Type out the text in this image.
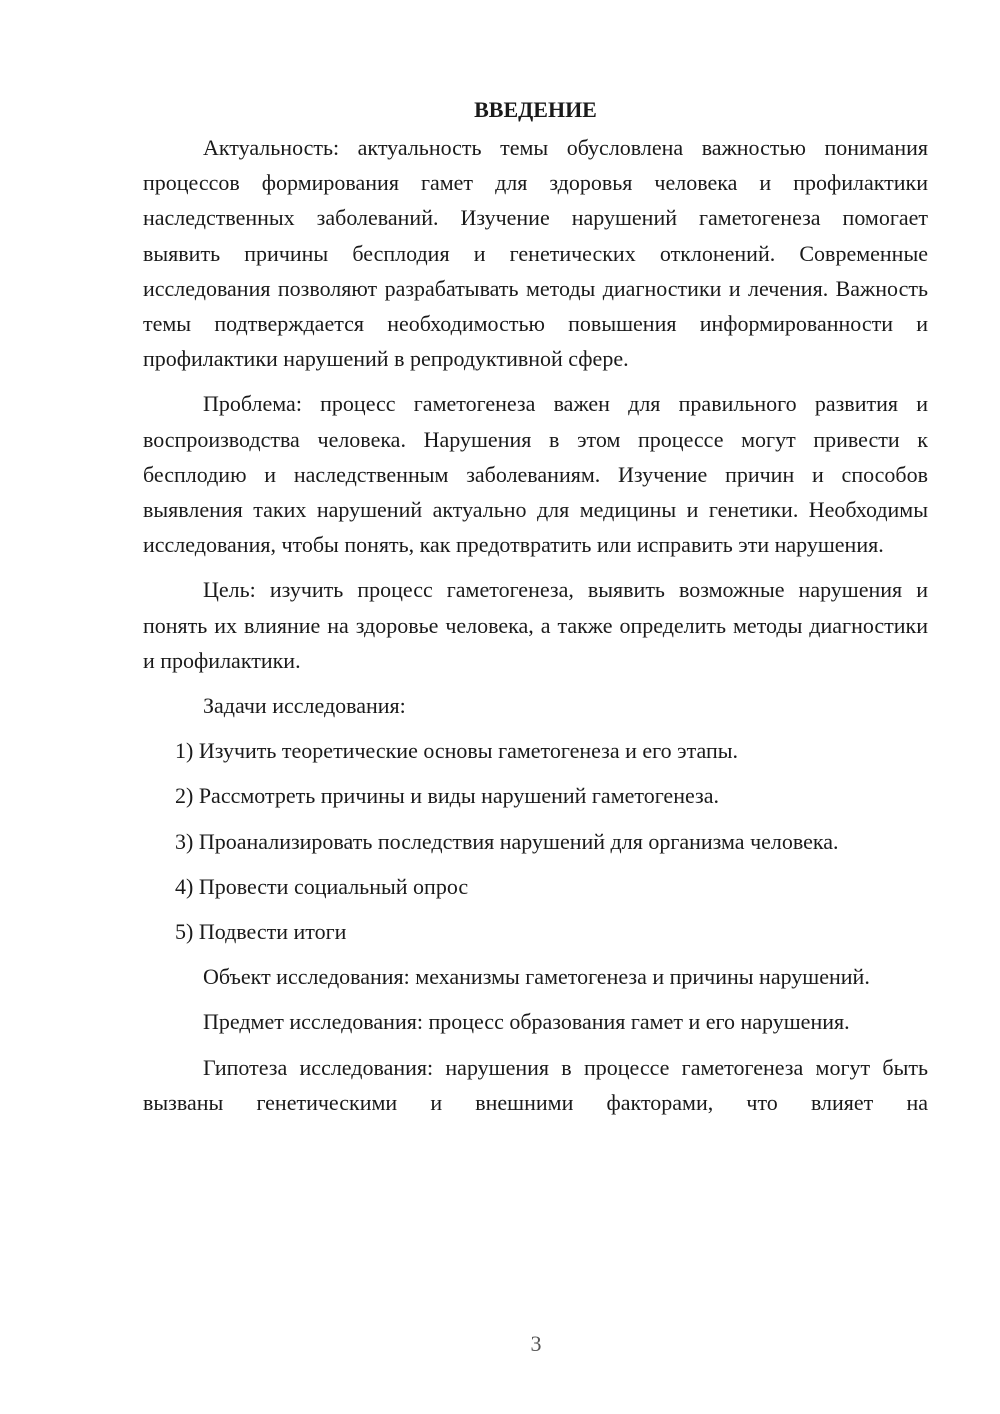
ВВЕДЕНИЕ

Актуальность: актуальность темы обусловлена важностью понимания процессов формирования гамет для здоровья человека и профилактики наследственных заболеваний. Изучение нарушений гаметогенеза помогает выявить причины бесплодия и генетических отклонений. Современные исследования позволяют разрабатывать методы диагностики и лечения. Важность темы подтверждается необходимостью повышения информированности и профилактики нарушений в репродуктивной сфере.

Проблема: процесс гаметогенеза важен для правильного развития и воспроизводства человека. Нарушения в этом процессе могут привести к бесплодию и наследственным заболеваниям. Изучение причин и способов выявления таких нарушений актуально для медицины и генетики. Необходимы исследования, чтобы понять, как предотвратить или исправить эти нарушения.

Цель: изучить процесс гаметогенеза, выявить возможные нарушения и понять их влияние на здоровье человека, а также определить методы диагностики и профилактики.

Задачи исследования:

1) Изучить теоретические основы гаметогенеза и его этапы.

2) Рассмотреть причины и виды нарушений гаметогенеза.

3) Проанализировать последствия нарушений для организма человека.

4) Провести социальный опрос

5) Подвести итоги

Объект исследования: механизмы гаметогенеза и причины нарушений.

Предмет исследования: процесс образования гамет и его нарушения.

Гипотеза исследования: нарушения в процессе гаметогенеза могут быть вызваны генетическими и внешними факторами, что влияет на

3
